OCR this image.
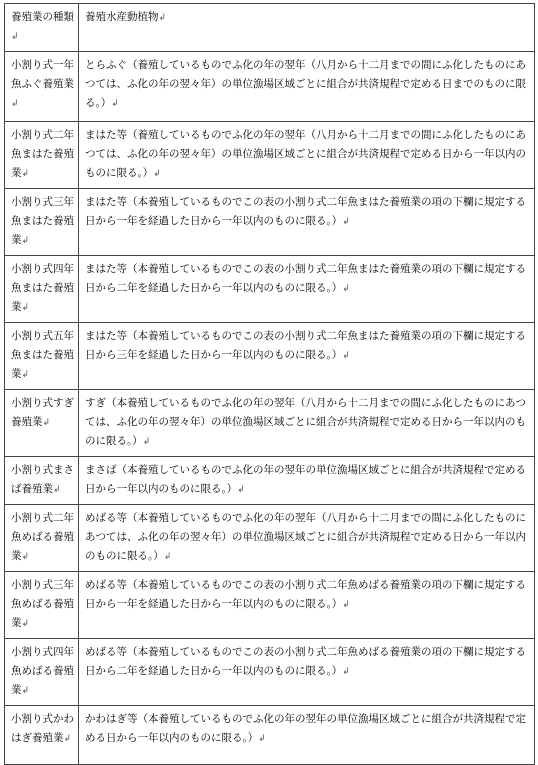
養殖業の種類↲	養殖水産動植物↲
小割り式一年魚ふぐ養殖業↲	とらふぐ（養殖しているものでふ化の年の翌年（八月から十二月までの間にふ化したものにあつては、ふ化の年の翌々年）の単位漁場区域ごとに組合が共済規程で定める日までのものに限る。）↲
小割り式二年魚まはた養殖業↲	まはた等（養殖しているものでふ化の年の翌年（八月から十二月までの間にふ化したものにあつては、ふ化の年の翌々年）の単位漁場区域ごとに組合が共済規程で定める日から一年以内のものに限る。）↲
小割り式三年魚まはた養殖業↲	まはた等（本養殖しているものでこの表の小割り式二年魚まはた養殖業の項の下欄に規定する日から一年を経過した日から一年以内のものに限る。）↲
小割り式四年魚まはた養殖業↲	まはた等（本養殖しているものでこの表の小割り式二年魚まはた養殖業の項の下欄に規定する日から二年を経過した日から一年以内のものに限る。）↲
小割り式五年魚まはた養殖業↲	まはた等（本養殖しているものでこの表の小割り式二年魚まはた養殖業の項の下欄に規定する日から三年を経過した日から一年以内のものに限る。）↲
小割り式すぎ養殖業↲	すぎ（本養殖しているものでふ化の年の翌年（八月から十二月までの間にふ化したものにあつては、ふ化の年の翌々年）の単位漁場区域ごとに組合が共済規程で定める日から一年以内のものに限る。）↲
小割り式まさば養殖業↲	まさば（本養殖しているものでふ化の年の翌年の単位漁場区域ごとに組合が共済規程で定める日から一年以内のものに限る。）↲
小割り式二年魚めばる養殖業↲	めばる等（本養殖しているものでふ化の年の翌年（八月から十二月までの間にふ化したものにあつては、ふ化の年の翌々年）の単位漁場区域ごとに組合が共済規程で定める日から一年以内のものに限る。）↲
小割り式三年魚めばる養殖業↲	めばる等（本養殖しているものでこの表の小割り式二年魚めばる養殖業の項の下欄に規定する日から一年を経過した日から一年以内のものに限る。）↲
小割り式四年魚めばる養殖業↲	めばる等（本養殖しているものでこの表の小割り式二年魚めばる養殖業の項の下欄に規定する日から二年を経過した日から一年以内のものに限る。）↲
小割り式かわはぎ養殖業↲	かわはぎ等（本養殖しているものでふ化の年の翌年の単位漁場区域ごとに組合が共済規程で定める日から一年以内のものに限る。）↲
